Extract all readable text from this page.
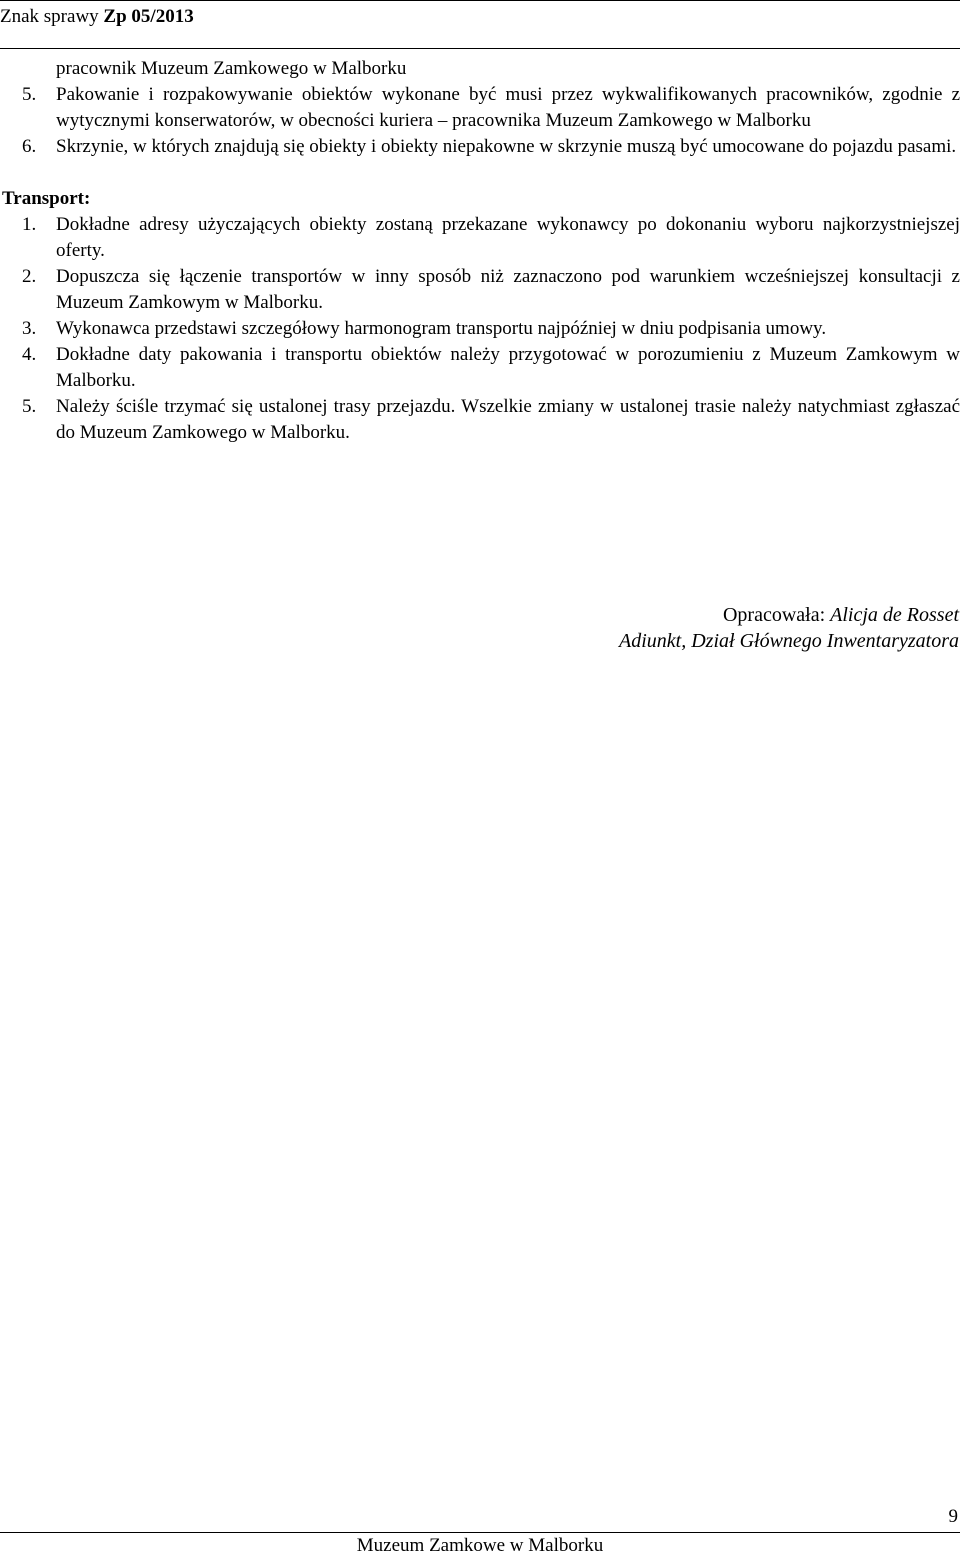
Znak sprawy Zp 05/2013
pracownik Muzeum Zamkowego w Malborku
5. Pakowanie i rozpakowywanie obiektów wykonane być musi przez wykwalifikowanych pracowników, zgodnie z wytycznymi konserwatorów, w obecności kuriera – pracownika Muzeum Zamkowego w Malborku
6. Skrzynie, w których znajdują się obiekty i obiekty niepakowne w skrzynie muszą być umocowane do pojazdu pasami.
Transport:
1. Dokładne adresy użyczających obiekty zostaną przekazane wykonawcy po dokonaniu wyboru najkorzystniejszej oferty.
2. Dopuszcza się łączenie transportów w inny sposób niż zaznaczono pod warunkiem wcześniejszej konsultacji z Muzeum Zamkowym w Malborku.
3. Wykonawca przedstawi szczegółowy harmonogram transportu najpóźniej w dniu podpisania umowy.
4. Dokładne daty pakowania i transportu obiektów należy przygotować w porozumieniu z Muzeum Zamkowym w Malborku.
5. Należy ściśle trzymać się ustalonej trasy przejazdu. Wszelkie zmiany w ustalonej trasie należy natychmiast zgłaszać do Muzeum Zamkowego w Malborku.
Opracowała: Alicja de Rosset
Adiunkt, Dział Głównego Inwentaryzatora
9
Muzeum Zamkowe w Malborku
